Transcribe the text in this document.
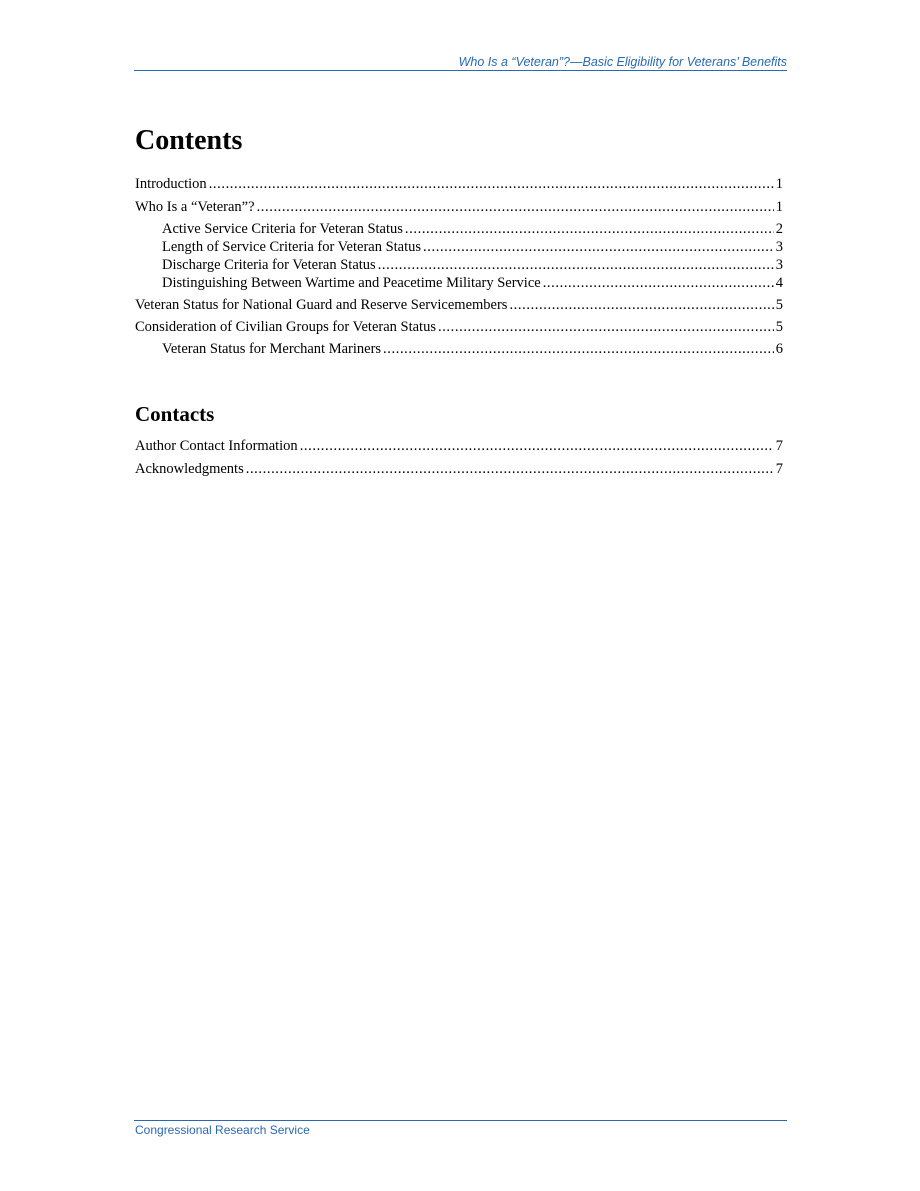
Who Is a “Veteran”?—Basic Eligibility for Veterans’ Benefits
Contents
Introduction .....	1
Who Is a “Veteran”? .....	1
Active Service Criteria for Veteran Status .....	2
Length of Service Criteria for Veteran Status .....	3
Discharge Criteria for Veteran Status .....	3
Distinguishing Between Wartime and Peacetime Military Service .....	4
Veteran Status for National Guard and Reserve Servicemembers .....	5
Consideration of Civilian Groups for Veteran Status .....	5
Veteran Status for Merchant Mariners .....	6
Contacts
Author Contact Information .....	7
Acknowledgments .....	7
Congressional Research Service
